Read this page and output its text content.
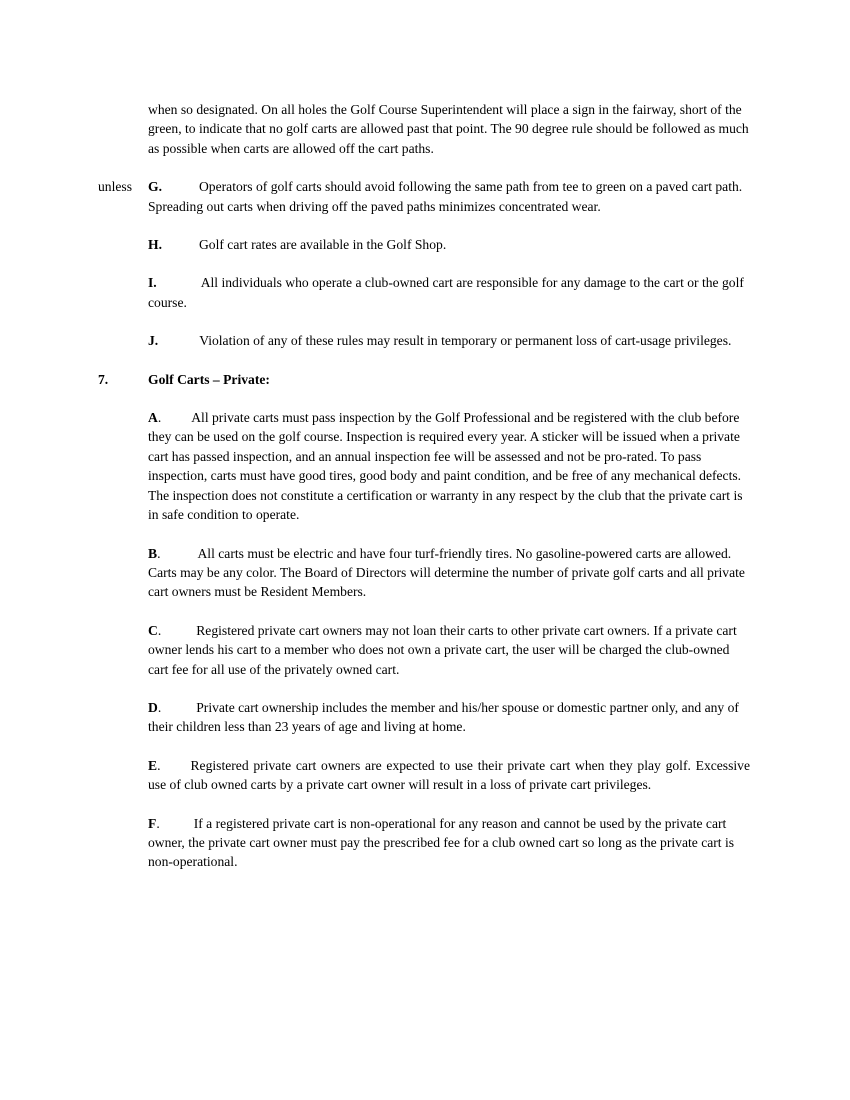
when so designated. On all holes the Golf Course Superintendent will place a sign in the fairway, short of the green, to indicate that no golf carts are allowed past that point. The 90 degree rule should be followed as much as possible when carts are allowed off the cart paths.

unless G.	Operators of golf carts should avoid following the same path from tee to green on a paved cart path. Spreading out carts when driving off the paved paths minimizes concentrated wear.

H.	Golf cart rates are available in the Golf Shop.

I.	All individuals who operate a club-owned cart are responsible for any damage to the cart or the golf course.

J.	Violation of any of these rules may result in temporary or permanent loss of cart-usage privileges.

7.	Golf Carts – Private:

A. All private carts must pass inspection by the Golf Professional and be registered with the club before they can be used on the golf course. Inspection is required every year. A sticker will be issued when a private cart has passed inspection, and an annual inspection fee will be assessed and not be pro-rated. To pass inspection, carts must have good tires, good body and paint condition, and be free of any mechanical defects. The inspection does not constitute a certification or warranty in any respect by the club that the private cart is in safe condition to operate.

B.	All carts must be electric and have four turf-friendly tires. No gasoline-powered carts are allowed. Carts may be any color. The Board of Directors will determine the number of private golf carts and all private cart owners must be Resident Members.

C.	Registered private cart owners may not loan their carts to other private cart owners. If a private cart owner lends his cart to a member who does not own a private cart, the user will be charged the club-owned cart fee for all use of the privately owned cart.

D.	Private cart ownership includes the member and his/her spouse or domestic partner only, and any of their children less than 23 years of age and living at home.

E. Registered private cart owners are expected to use their private cart when they play golf. Excessive use of club owned carts by a private cart owner will result in a loss of private cart privileges.

F.	If a registered private cart is non-operational for any reason and cannot be used by the private cart owner, the private cart owner must pay the prescribed fee for a club owned cart so long as the private cart is non-operational.
